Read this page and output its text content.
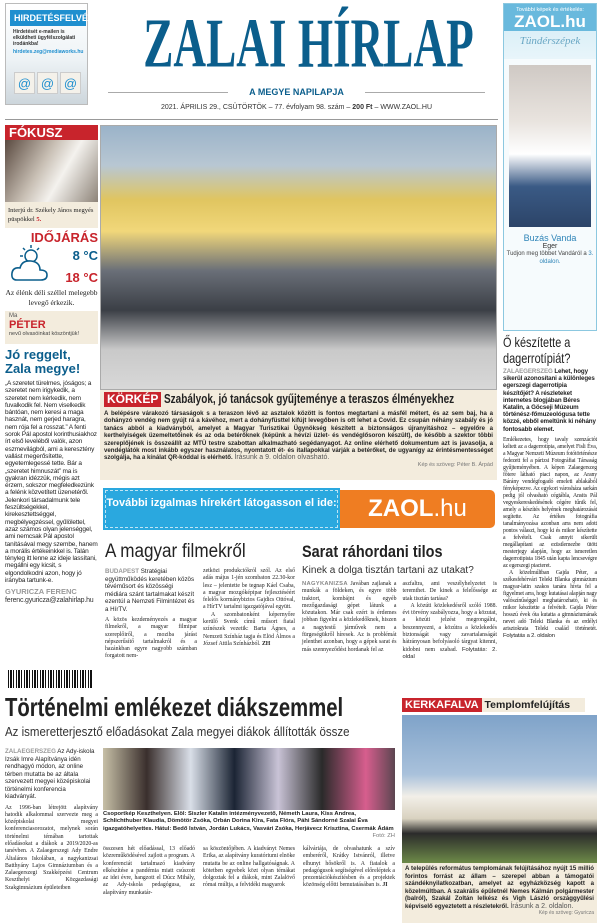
HIRDETÉSFELVÉTEL
Hirdetését e-mailen is elküldheti ügyfélszolgálati irodánkba!
hirdetes.zeg@mediaworks.hu
@ @ @
ZALAI HÍRLAP
A MEGYE NAPILAPJA
2021. ÁPRILIS 29., CSÜTÖRTÖK – 77. évfolyam 98. szám – 200 Ft – WWW.ZAOL.HU
További képek és értékelés:
ZAOL.hu
Tündérszépek
Buzás Vanda
Eger
Tudjon meg többet Vandáról a 3. oldalon.
FÓKUSZ
Interjú dr. Székely János megyés püspökkel 5.
IDŐJÁRÁS
8 °C
18 °C
Az élénk déli széllel melegebb levegő érkezik.
Ma
PÉTER
nevű olvasóinkat köszöntjük!
Jó reggelt, Zala megye!
„A szeretet türelmes, jóságos; a szeretet nem irigykedik, a szeretet nem kérkedik, nem fuvalkodik fel. Nem viselkedik bántóan, nem keresi a maga hasznát, nem gerjed haragra, nem rója fel a rosszat.” A fenti sorok Pál apostol korinthusiakhoz írt első leveléből valók, azon eszmevilágból, ami a keresztény vallást megerősítette, egyetemlegessé tette. Bár a „szeretet himnuszát” ma is gyakran idézzük, mégis azt érzem, sokszor megfeledkezünk a felénk közvetített üzenetéről. Jelenkori társadalmunk tele feszültségekkel, kirekesztettséggel, megbélyegzéssel, gyűlölettel, azaz számos olyan jelenséggel, ami nemcsak Pál apostol tanításával megy szembe, hanem a morális értékeinkkel is. Talán tényleg itt lenne az ideje lassítani, megállni egy kicsit, s elgondolkodni azon, hogy jó irányba tartunk-e.
GYURICZA FERENC
ferenc.gyuricza@zalahirlap.hu
KÖRKÉP Szabályok, jó tanácsok gyűjteménye a teraszos élményekhez
A belépésre várakozó társaságok s a teraszon lévő az asztalok között is fontos megtartani a másfél métert, és az sem baj, ha a dohányzó vendég nem gyújt rá a kávéhoz, mert a dohányfüsttel kifújt levegőben is ott lehet a Covid. Ez csupán néhány szabály és jó tanács abból a kiadványból, amelyet a Magyar Turisztikai Ügynökség készített a biztonságos újranyitáshoz – egyelőre a kerthelyiségek üzemeltetőinek és az oda betérőknek (képünk a hévízi üzlet- és vendéglősoron készült), de később a szektor többi szereplőjének is összeállít az MTÜ testre szabottan alkalmazható segédanyagot. Az online elérhető dokumentum azt is javasolja, a vendéglátók most inkább egyszer használatos, nyomtatott ét- és itallapokkal várják a betérőket, de ugyanígy az érintésmentességet szolgálja, ha a kínálat QR-kóddal is elérhető. Írásunk a 9. oldalon olvasható.
Kép és szöveg: Péter B. Árpád
További izgalmas hírekért látogasson el ide:	ZAOL.hu
A magyar filmekről
BUDAPEST Stratégiai együttműködés keretében közös tévéműsort és közösségi médiára szánt tartalmakat készít ezentúl a Nemzeti Filmintézet és a HírTV.
A közös kezdeményezés a magyar filmekről, a magyar filmipar szereplőiről, a moziba járást népszerűsítő tartalmakról és a hazánkban egyre nagyobb számban forgatott nem-
zetközi produkciókról szól. Az első adás május 1-jén szombaton 22.30-kor lesz – jelentette be tegnap Káel Csaba, a magyar mozgóképipar fejlesztéséért felelős kormánybiztos Gajdics Ottóval, a HírTV tartalmi igazgatójával együtt.
A szombatonként képernyőre kerülő Svenk című műsort fiatal színészek vezetik: Barta Ágnes, a Nemzeti Színház tagja és Elöd Álmos a József Attila Színházból. ZH
Sarat ráhordani tilos
Kinek a dolga tisztán tartani az utakat?
NAGYKANIZSA Javában zajlanak a munkák a földeken, és egyre több traktort, kombájnt és egyéb mezőgazdasági gépet látunk a közutakon. Már csak ezért is érdemes jobban figyelni a közlekedőknek, hiszen a nagytestű járművek nem a fürgeségükről híresek. Az is problémát jelenthet azonban, hogy a gépek sarat és más szennyeződést hordanak fel az
aszfaltra, ami veszélyhelyzetet is teremthet. De kinek a felelőssége az utak tisztán tartása?
A közúti közlekedésről szóló 1988. évi törvény szabályozza, hogy a közutat, a közúti jelzést megrongálni, beszennyezni, a közútra a közlekedés biztonságát vagy zavartalanságát hátrányosan befolyásoló tárgyat kitenni, kidobni nem szabad. Folytatás: 2. oldal
Ő készítette a dagerrotípiát?
ZALAEGERSZEG Lehet, hogy sikerül azonosítani a különleges egerszegi dagerrotípia készítőjét? A részleteket internetes blogjában Béres Katalin, a Göcseji Múzeum történész-főmuzeológusa tette közzé, ebből emeltünk ki néhány fontosabb elemet.
Emlékezetes, hogy tavaly szenzációt keltett az a dagerrotípia, amelyet Fisli Éva, a Magyar Nemzeti Múzeum fotótörténésze fedezett fel a párizsi Fotográfiai Társaság gyűjteményében. A képen Zalaegerszeg főtere látható piaci napon, az Arany Bárány vendégfogadó emeleti ablakából fényképezve. Az egykori városháza sarkán pedig jól olvasható cégtábla, Ansits Pál vegyeskereskedésének cégére tűnik fel, amely a készítés helyének meghatározását segítette. Az értékes fotográfia tanalmányozása azonban arra nem adott pontos választ, hogy ki és mikor készítette a felvételt. Csak annyit sikerült megállapítani az ezüstlemezbe ütött mesterjegy alapján, hogy az ismeretlen dagerrotipista 1845 után kapta lencsevégre az egerszegi piacteret.
A közelmúltban Gajda Péter, a székesfehérvári Teleki Blanka gimnázium magyar-latin szakos tanára hívta fel a figyelmet arra, hogy kutatásai alapján nagy valószínűséggel meghatározható, ki és mikor készítette a felvételt. Gajda Péter hosszú évek óta kutatta a gimnáziumának nevet adó Teleki Blanka és az erdélyi arisztokrata Teleki család történetét. Folytatás a 2. oldalon
Történelmi emlékezet diákszemmel
Az ismeretterjesztő előadásokat Zala megyei diákok állították össze
ZALAEGERSZEG Az Ady-iskola Izsák Imre Alapítványa idén rendhagyó módon, az online térben mutatta be az általa szervezett megyei középiskolai történelmi konferencia kiadványát.
Az 1996-ban létrejött alapítvány hatodik alkalommal szervezte meg a középiskolai megyei konferenciasorozatot, melynek során történelmi témában tartottak előadásokat a diákok a 2019/2020-as tanévben. A Zalaegerszegi Ady Endre Általános Iskolában, a nagykanizsai Batthyány Lajos Gimnáziumban és a Zalaegerszegi Szakképzési Centrum Keszthelyi Közgazdasági Szakgimnázium épületeiben
Csoportkép Keszthelyen. Elöl: Siszler Katalin intézményvezető, Németh Laura, Kiss Andrea, Schlichthuber Klaudia, Dömötör Zsóka, Orbán Dorina Kira, Fata Flóra, Páhi Sándorné Szalai Éva igazgatóhelyettes. Hátul: Bedő István, Jordán Lukács, Vasvári Zsóka, Herjávecz Krisztina, Csermák Ádám
Fotó: ZH
összesen hét előadással, 13 előadó közreműködésével zajlott a program. A konferenciát tartalmazó kiadvány elkészítése a pandémia miatt csúszott az idei évre, hangzott el Dúcz Mihály, az Ady-iskola pedagógusa, az alapítvány munkatár-
sa köszöntőjében. A kiadványt Nemes Erika, az alapítvány kuratóriumi elnöke mutatta be az online hallgatóságnak. A kötetben egyebek közt olyan témákat dolgoztak fel a diákok, mint Zalalövő római múltja, a felvidéki magyarok
kálváriája, de olvashatunk a szív emberéről, Krátky Istvánról, illetve elhunyt hősökről is. A fiatalok a pedagógusok segítségével előreléptek a prezentációkészítésben és a projektek közönség előtti bemutatásában is. JI
KERKAFALVA Templomfelújítás
A település református templomának felújításához nyújt 15 millió forintos forrást az állam – szerepel abban a támogatói szándéknyilatkozatban, amelyet az egyházközség kapott a közelmúltban. A szakrális épületnél Nemes Kálmán polgármester (balról), Szakál Zoltán lelkész és Vigh László országgyűlési képviselő egyeztetett a részletekről. Írásunk a 2. oldalon.
Kép és szöveg: Gyuricza
